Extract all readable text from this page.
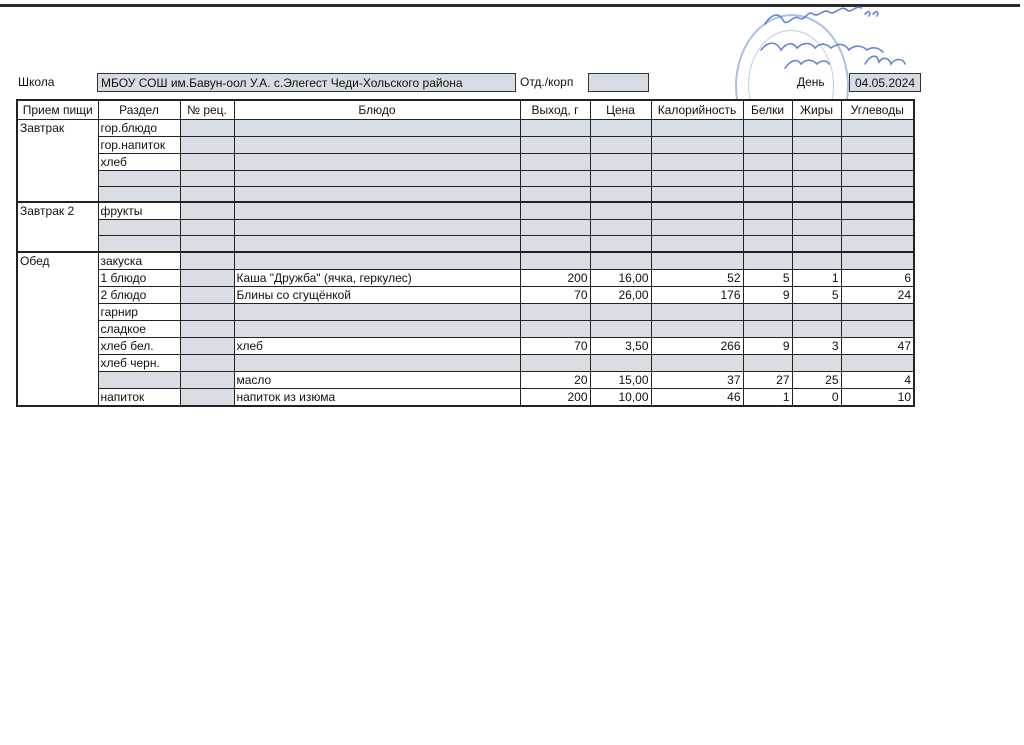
Школа	МБОУ СОШ им.Бавун-оол У.А. с.Элегест Чеди-Хольского района	Отд./корп	День	04.05.2024
Прием пищи	Раздел	№ рец.	Блюдо	Выход, г	Цена	Калорийность	Белки	Жиры	Углеводы
Завтрак	гор.блюдо								
	гор.напиток								
	хлеб								

Завтрак 2	фрукты								

Обед	закуска								
	1 блюдо		Каша "Дружба" (ячка, геркулес)	200	16,00	52	5	1	6
	2 блюдо		Блины со сгущёнкой	70	26,00	176	9	5	24
	гарнир								
	сладкое								
	хлеб бел.		хлеб	70	3,50	266	9	3	47
	хлеб черн.								
			масло	20	15,00	37	27	25	4
	напиток		напиток из изюма	200	10,00	46	1	0	10
